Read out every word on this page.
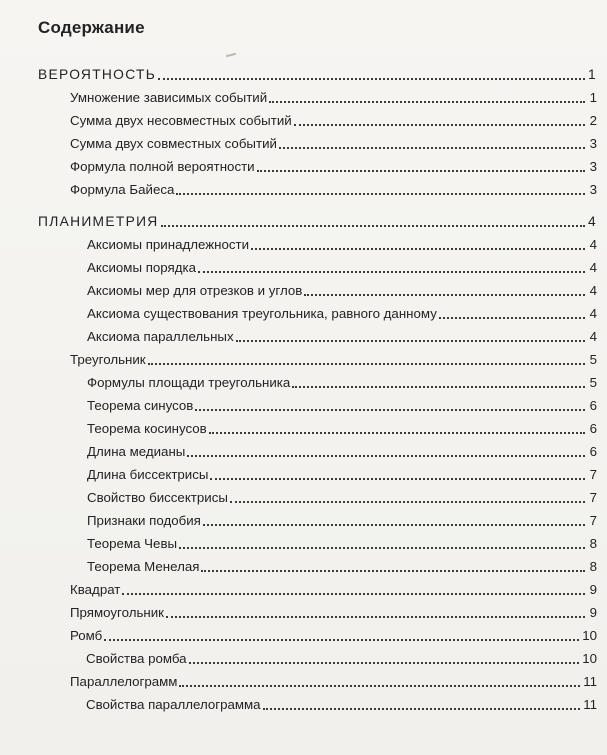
Содержание
ВЕРОЯТНОСТЬ	1
Умножение зависимых событий	1
Сумма двух несовместных событий	2
Сумма двух совместных событий	3
Формула полной вероятности	3
Формула Байеса	3
ПЛАНИМЕТРИЯ	4
Аксиомы принадлежности	4
Аксиомы порядка	4
Аксиомы мер для отрезков и углов	4
Аксиома существования треугольника, равного данному	4
Аксиома параллельных	4
Треугольник	5
Формулы площади треугольника	5
Теорема синусов	6
Теорема косинусов	6
Длина медианы	6
Длина биссектрисы	7
Свойство биссектрисы	7
Признаки подобия	7
Теорема Чевы	8
Теорема Менелая	8
Квадрат	9
Прямоугольник	9
Ромб	10
Свойства ромба	10
Параллелограмм	11
Свойства параллелограмма	11
